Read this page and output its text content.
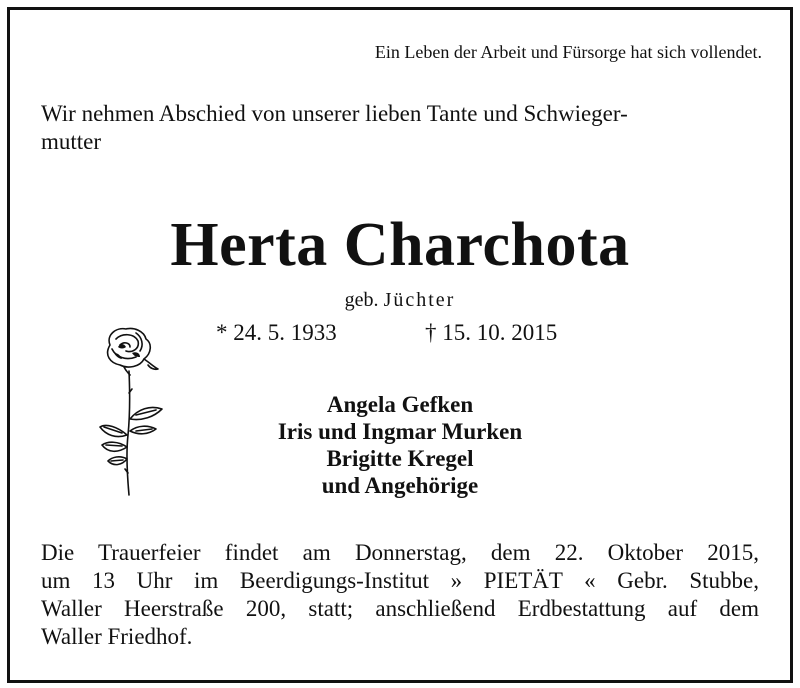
Ein Leben der Arbeit und Fürsorge hat sich vollendet.
Wir nehmen Abschied von unserer lieben Tante und Schwieger-
mutter
Herta Charchota
geb. Jüchter
* 24. 5. 1933	† 15. 10. 2015
Angela Gefken
Iris und Ingmar Murken
Brigitte Kregel
und Angehörige
Die Trauerfeier findet am Donnerstag, dem 22. Oktober 2015,
um 13 Uhr im Beerdigungs-Institut » PIETÄT « Gebr. Stubbe,
Waller Heerstraße 200, statt; anschließend Erdbestattung auf dem
Waller Friedhof.
